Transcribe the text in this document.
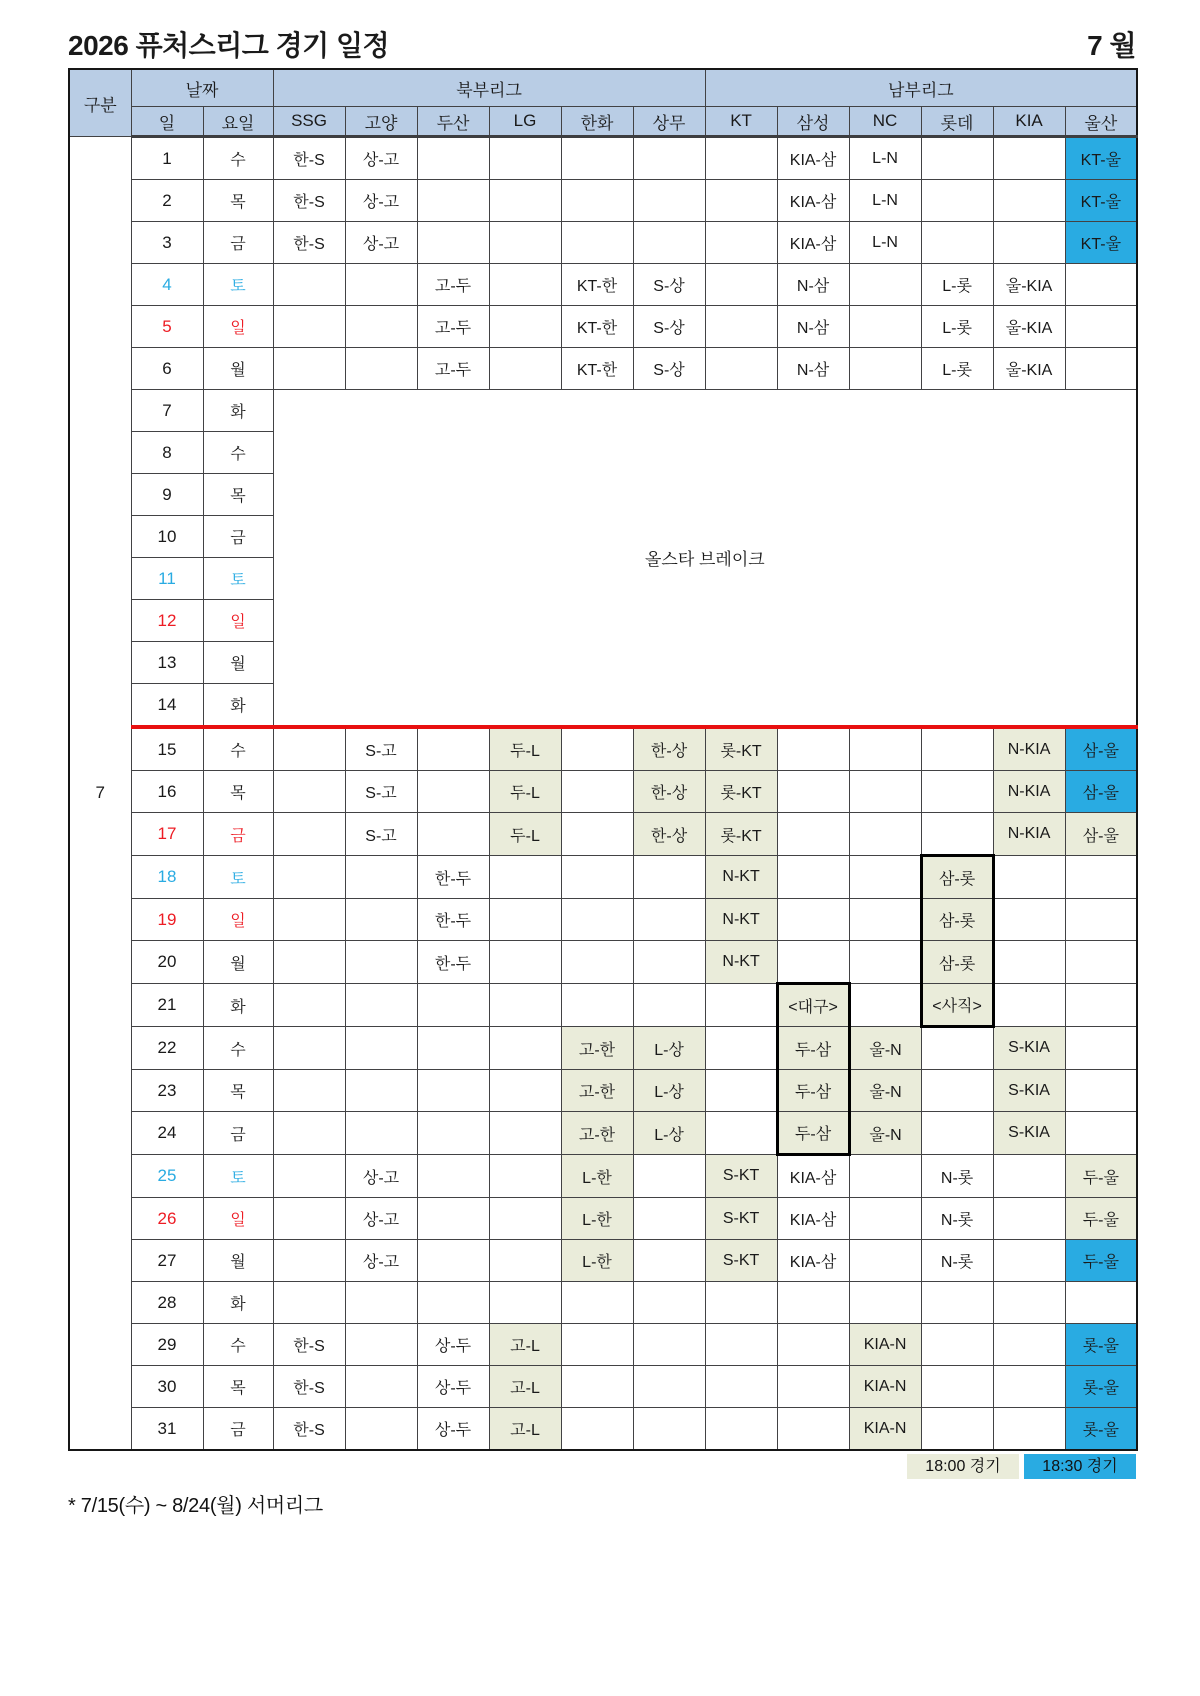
2026 퓨처스리그 경기 일정	7 월
구분	날짜		북부리그						남부리그					
	일	요일	SSG	고양	두산	LG	한화	상무	KT	삼성	NC	롯데	KIA	울산
7	1	수	한-S	상-고						KIA-삼	L-N			KT-울
	2	목	한-S	상-고						KIA-삼	L-N			KT-울
	3	금	한-S	상-고						KIA-삼	L-N			KT-울
	4	토			고-두		KT-한	S-상		N-삼		L-롯	울-KIA	
	5	일			고-두		KT-한	S-상		N-삼		L-롯	울-KIA	
	6	월			고-두		KT-한	S-상		N-삼		L-롯	울-KIA	
	7	화	올스타 브레이크											
	8	수												
	9	목												
	10	금												
	11	토												
	12	일												
	13	월												
	14	화												
	15	수		S-고		두-L		한-상	롯-KT				N-KIA	삼-울
	16	목		S-고		두-L		한-상	롯-KT				N-KIA	삼-울
	17	금		S-고		두-L		한-상	롯-KT				N-KIA	삼-울
	18	토			한-두				N-KT			삼-롯		
	19	일			한-두				N-KT			삼-롯		
	20	월			한-두				N-KT			삼-롯		
	21	화								<대구>		<사직>		
	22	수					고-한	L-상		두-삼	울-N		S-KIA	
	23	목					고-한	L-상		두-삼	울-N		S-KIA	
	24	금					고-한	L-상		두-삼	울-N		S-KIA	
	25	토		상-고			L-한		S-KT	KIA-삼		N-롯		두-울
	26	일		상-고			L-한		S-KT	KIA-삼		N-롯		두-울
	27	월		상-고			L-한		S-KT	KIA-삼		N-롯		두-울
	28	화												
	29	수	한-S		상-두	고-L					KIA-N			롯-울
	30	목	한-S		상-두	고-L					KIA-N			롯-울
	31	금	한-S		상-두	고-L					KIA-N			롯-울
18:00 경기	18:30 경기
* 7/15(수) ~ 8/24(월) 서머리그
